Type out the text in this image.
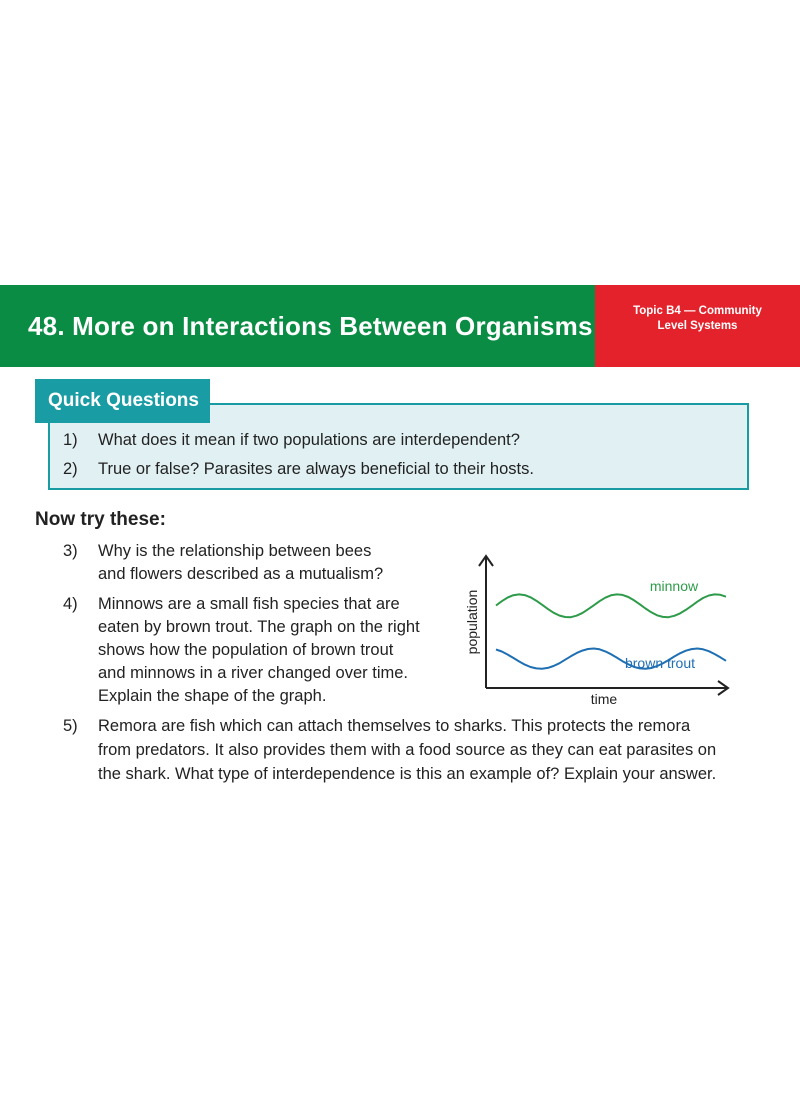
48. More on Interactions Between Organisms	Topic B4 — Community
Level Systems
Quick Questions
1) What does it mean if two populations are interdependent?
2) True or false? Parasites are always beneficial to their hosts.
Now try these:
3) Why is the relationship between bees
and flowers described as a mutualism?
4) Minnows are a small fish species that are
eaten by brown trout. The graph on the right
shows how the population of brown trout
and minnows in a river changed over time.
Explain the shape of the graph.
5) Remora are fish which can attach themselves to sharks. This protects the remora
from predators. It also provides them with a food source as they can eat parasites on
the shark. What type of interdependence is this an example of? Explain your answer.
population
time
minnow
brown trout
